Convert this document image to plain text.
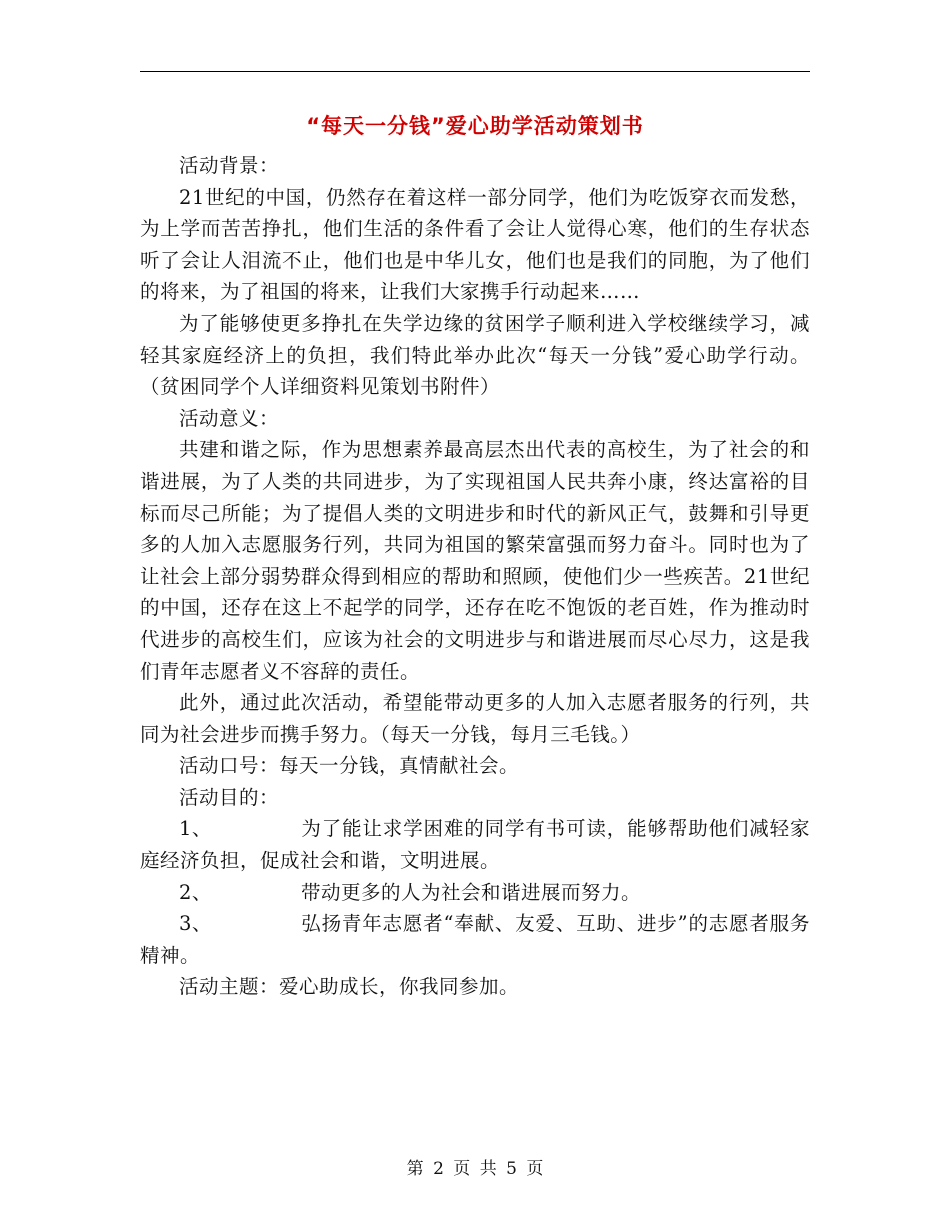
“每天一分钱”爱心助学活动策划书

活动背景：

21世纪的中国，仍然存在着这样一部分同学，他们为吃饭穿衣而发愁，为上学而苦苦挣扎，他们生活的条件看了会让人觉得心寒，他们的生存状态听了会让人泪流不止，他们也是中华儿女，他们也是我们的同胞，为了他们的将来，为了祖国的将来，让我们大家携手行动起来……

为了能够使更多挣扎在失学边缘的贫困学子顺利进入学校继续学习，减轻其家庭经济上的负担，我们特此举办此次“每天一分钱”爱心助学行动。（贫困同学个人详细资料见策划书附件）

活动意义：

共建和谐之际，作为思想素养最高层杰出代表的高校生，为了社会的和谐进展，为了人类的共同进步，为了实现祖国人民共奔小康，终达富裕的目标而尽己所能；为了提倡人类的文明进步和时代的新风正气，鼓舞和引导更多的人加入志愿服务行列，共同为祖国的繁荣富强而努力奋斗。同时也为了让社会上部分弱势群众得到相应的帮助和照顾，使他们少一些疾苦。21世纪的中国，还存在这上不起学的同学，还存在吃不饱饭的老百姓，作为推动时代进步的高校生们，应该为社会的文明进步与和谐进展而尽心尽力，这是我们青年志愿者义不容辞的责任。

此外，通过此次活动，希望能带动更多的人加入志愿者服务的行列，共同为社会进步而携手努力。（每天一分钱，每月三毛钱。）

活动口号：每天一分钱，真情献社会。

活动目的：

1、	为了能让求学困难的同学有书可读，能够帮助他们减轻家庭经济负担，促成社会和谐，文明进展。

2、	带动更多的人为社会和谐进展而努力。

3、	弘扬青年志愿者“奉献、友爱、互助、进步”的志愿者服务精神。

活动主题：爱心助成长，你我同参加。

第 2 页 共 5 页
